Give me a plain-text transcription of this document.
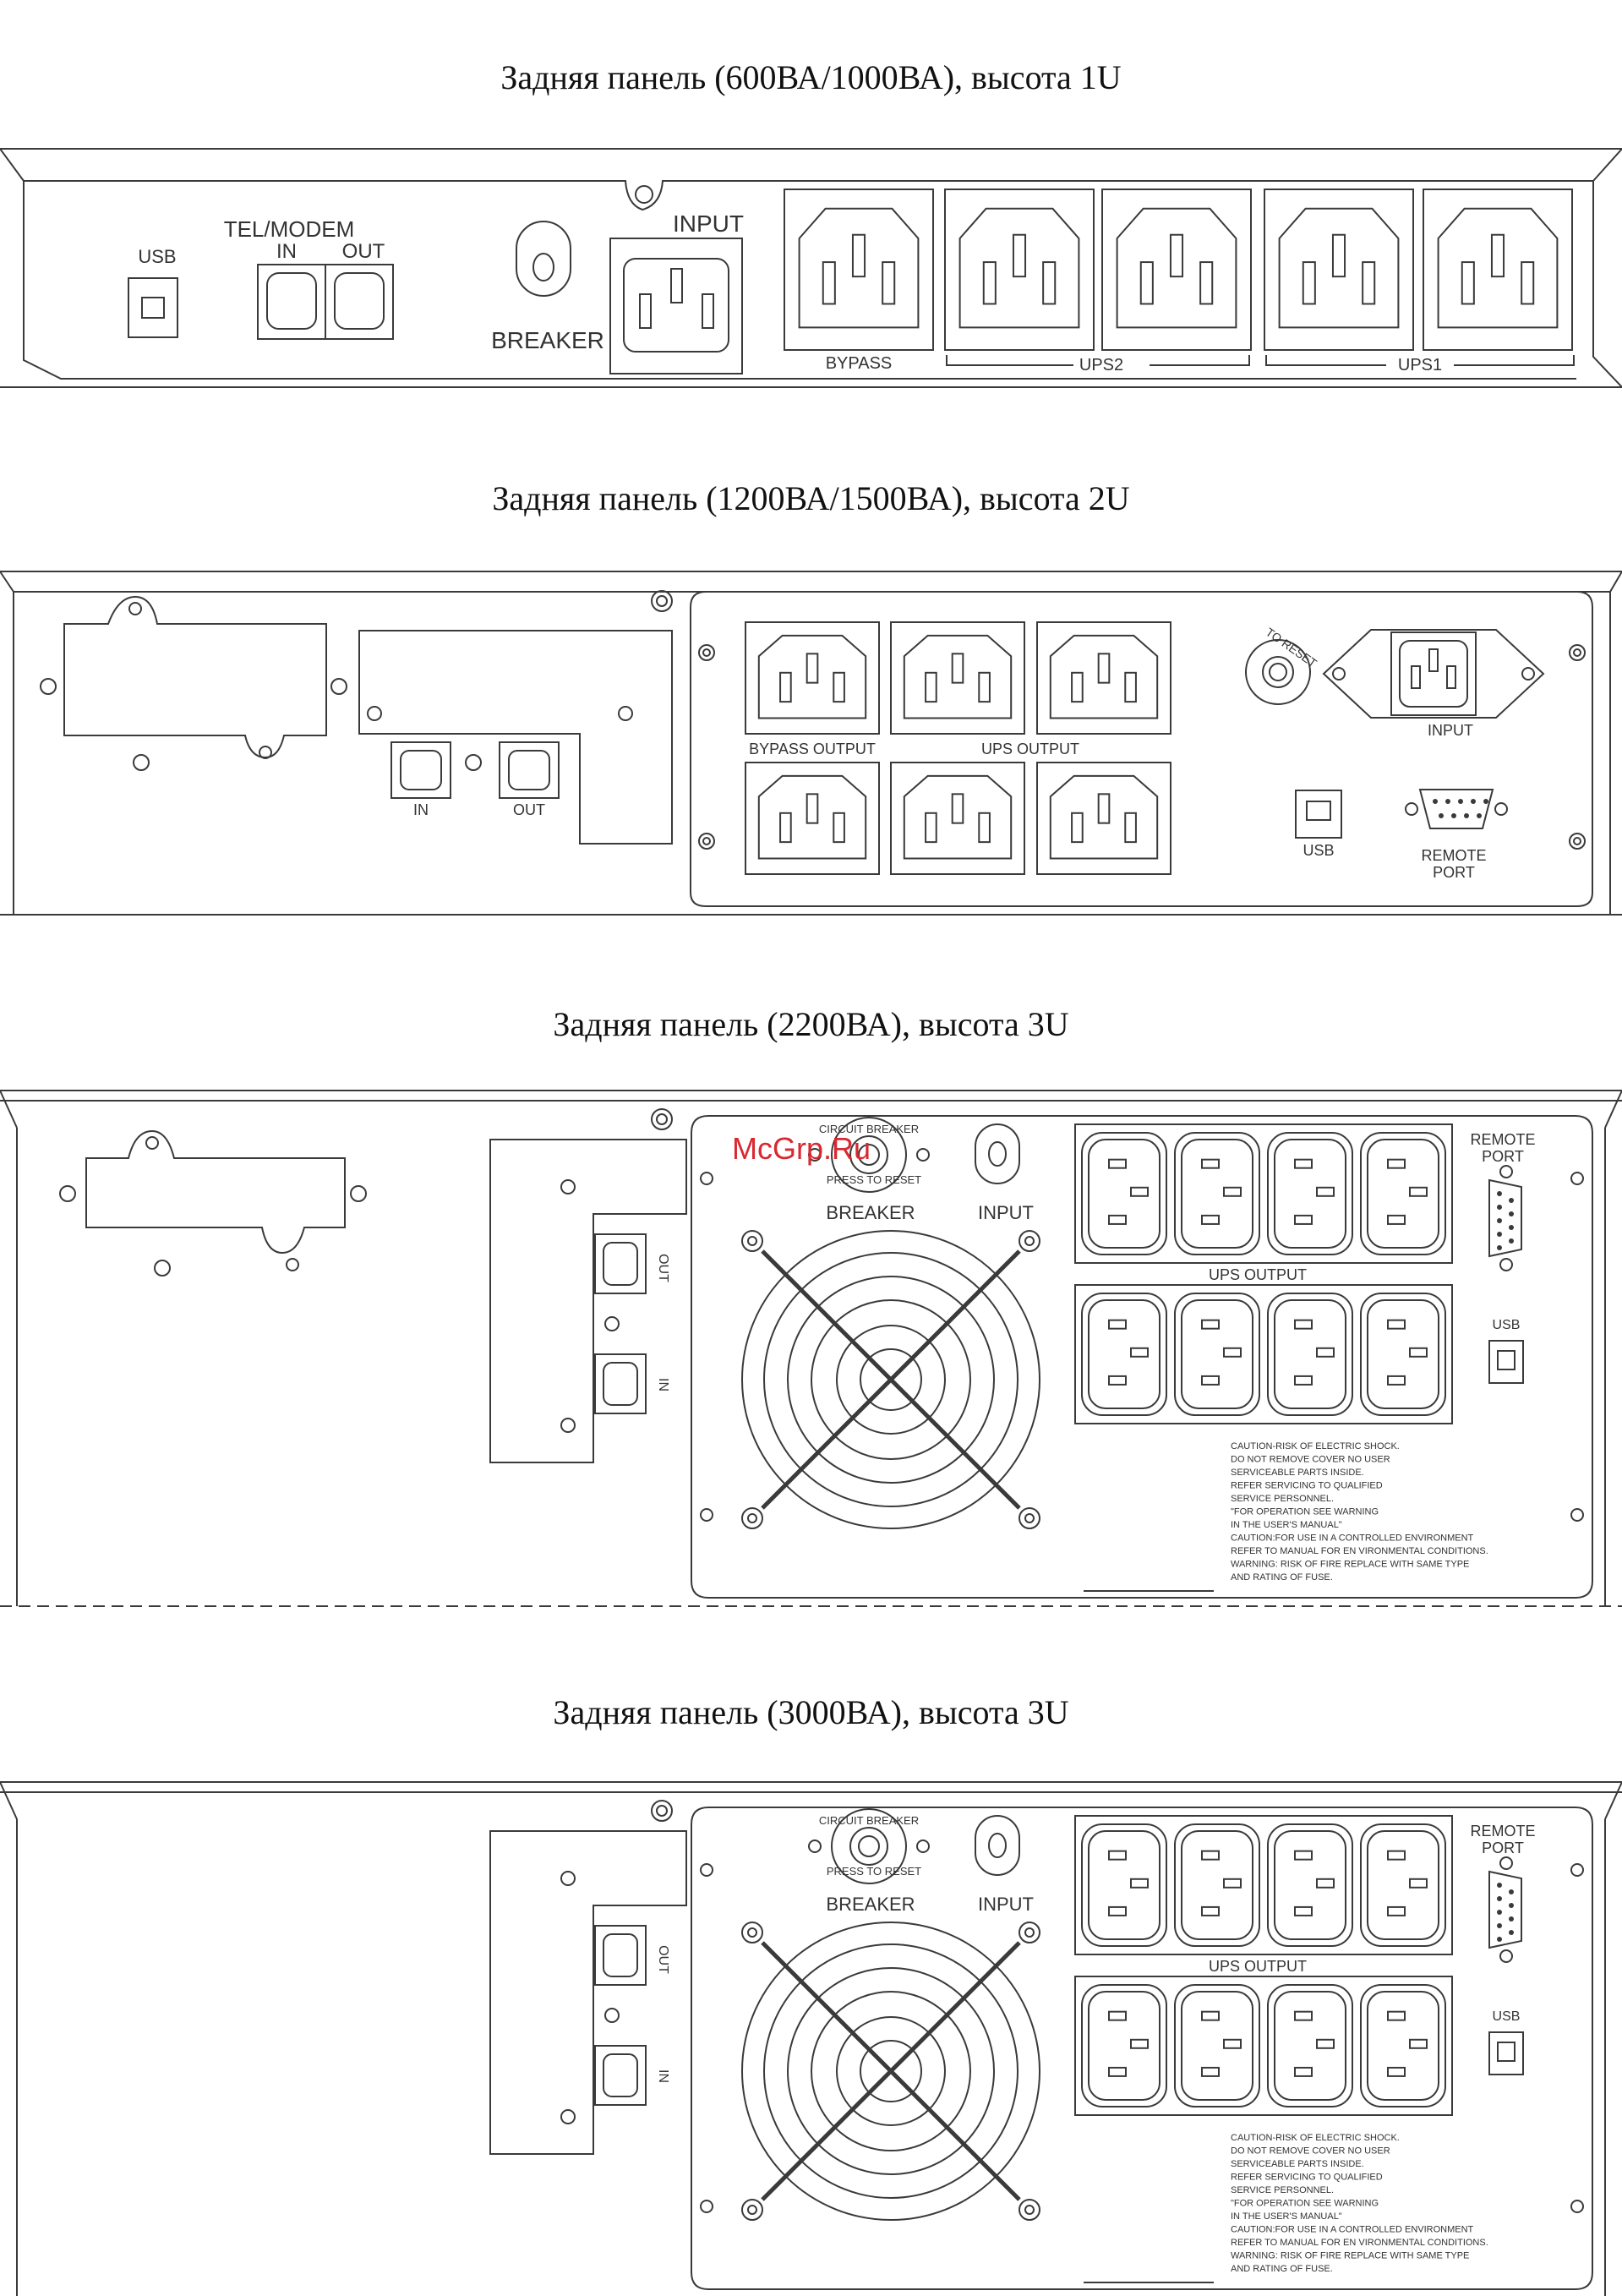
Задняя панель (600ВА/1000ВА), высота 1U
Задняя панель (1200ВА/1500ВА), высота 2U
Задняя панель (2200ВА), высота 3U
Задняя панель (3000ВА), высота 3U
USB
TEL/MODEM
IN OUT
BREAKER
INPUT
BYPASS	UPS2	UPS1
IN	OUT
BYPASS OUTPUT	UPS OUTPUT
TO RESET
INPUT
USB	REMOTE
PORT
OUT
IN
CIRCUIT BREAKER
PRESS TO RESET
BREAKER	INPUT
UPS OUTPUT
REMOTE
PORT
USB
CAUTION-RISK OF ELECTRIC SHOCK.
DO NOT REMOVE COVER NO USER
SERVICEABLE PARTS INSIDE.
REFER SERVICING TO QUALIFIED
SERVICE PERSONNEL.
"FOR OPERATION SEE WARNING
IN THE USER'S MANUAL"
CAUTION:FOR USE IN A CONTROLLED ENVIRONMENT
REFER TO MANUAL FOR EN VIRONMENTAL CONDITIONS.
WARNING: RISK OF FIRE REPLACE WITH SAME TYPE
AND RATING OF FUSE.
OUT
IN
CIRCUIT BREAKER
PRESS TO RESET
BREAKER	INPUT
UPS OUTPUT
REMOTE
PORT
USB
CAUTION-RISK OF ELECTRIC SHOCK.
DO NOT REMOVE COVER NO USER
SERVICEABLE PARTS INSIDE.
REFER SERVICING TO QUALIFIED
SERVICE PERSONNEL.
"FOR OPERATION SEE WARNING
IN THE USER'S MANUAL"
CAUTION:FOR USE IN A CONTROLLED ENVIRONMENT
REFER TO MANUAL FOR EN VIRONMENTAL CONDITIONS.
WARNING: RISK OF FIRE REPLACE WITH SAME TYPE
AND RATING OF FUSE.
McGrp.Ru
